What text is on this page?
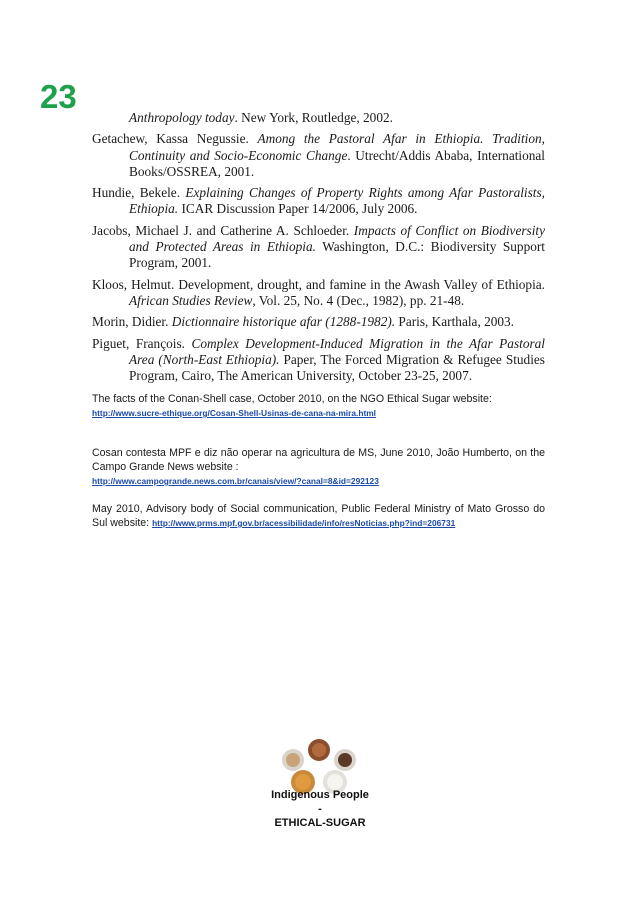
23

Anthropology today. New York, Routledge, 2002.

Getachew, Kassa Negussie. Among the Pastoral Afar in Ethiopia. Tradition, Continuity and Socio-Economic Change. Utrecht/Addis Ababa, International Books/OSSREA, 2001.

Hundie, Bekele. Explaining Changes of Property Rights among Afar Pastoralists, Ethiopia. ICAR Discussion Paper 14/2006, July 2006.

Jacobs, Michael J. and Catherine A. Schloeder. Impacts of Conflict on Biodiversity and Protected Areas in Ethiopia. Washington, D.C.: Biodiversity Support Program, 2001.

Kloos, Helmut. Development, drought, and famine in the Awash Valley of Ethiopia. African Studies Review, Vol. 25, No. 4 (Dec., 1982), pp. 21-48.

Morin, Didier. Dictionnaire historique afar (1288-1982). Paris, Karthala, 2003.

Piguet, François. Complex Development-Induced Migration in the Afar Pastoral Area (North-East Ethiopia). Paper, The Forced Migration & Refugee Studies Program, Cairo, The American University, October 23-25, 2007.

The facts of the Conan-Shell case, October 2010, on the NGO Ethical Sugar website:
http://www.sucre-ethique.org/Cosan-Shell-Usinas-de-cana-na-mira.html

Cosan contesta MPF e diz não operar na agricultura de MS, June 2010, João Humberto, on the Campo Grande News website :
http://www.campogrande.news.com.br/canais/view/?canal=8&id=292123

May 2010, Advisory body of Social communication, Public Federal Ministry of Mato Grosso do Sul website: http://www.prms.mpf.gov.br/acessibilidade/info/resNoticias.php?ind=206731

Indigenous People
-
ETHICAL-SUGAR
